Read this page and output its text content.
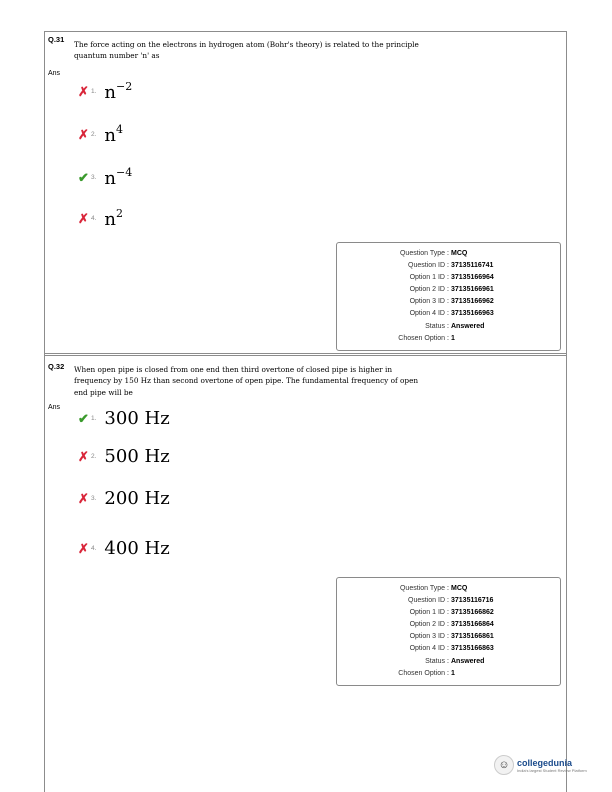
Q.31
The force acting on the electrons in hydrogen atom (Bohr's theory) is related to the principle quantum number 'n' as
Ans
✗ 1. $n^{-2}$
✗ 2. $n^4$
✔ 3. $n^{-4}$
✗ 4. $n^2$
Question Type : MCQ
Question ID : 37135116741
Option 1 ID : 37135166964
Option 2 ID : 37135166961
Option 3 ID : 37135166962
Option 4 ID : 37135166963
Status : Answered
Chosen Option : 1
Q.32 When open pipe is closed from one end then third overtone of closed pipe is higher in frequency by 150 Hz than second overtone of open pipe. The fundamental frequency of open end pipe will be
Ans
✔ 1. 300 Hz
✗ 2. 500 Hz
✗ 3. 200 Hz
✗ 4. 400 Hz
Question Type : MCQ
Question ID : 37135116716
Option 1 ID : 37135166862
Option 2 ID : 37135166864
Option 3 ID : 37135166861
Option 4 ID : 37135166863
Status : Answered
Chosen Option : 1
☺ collegedunia
India's largest Student Review Platform
